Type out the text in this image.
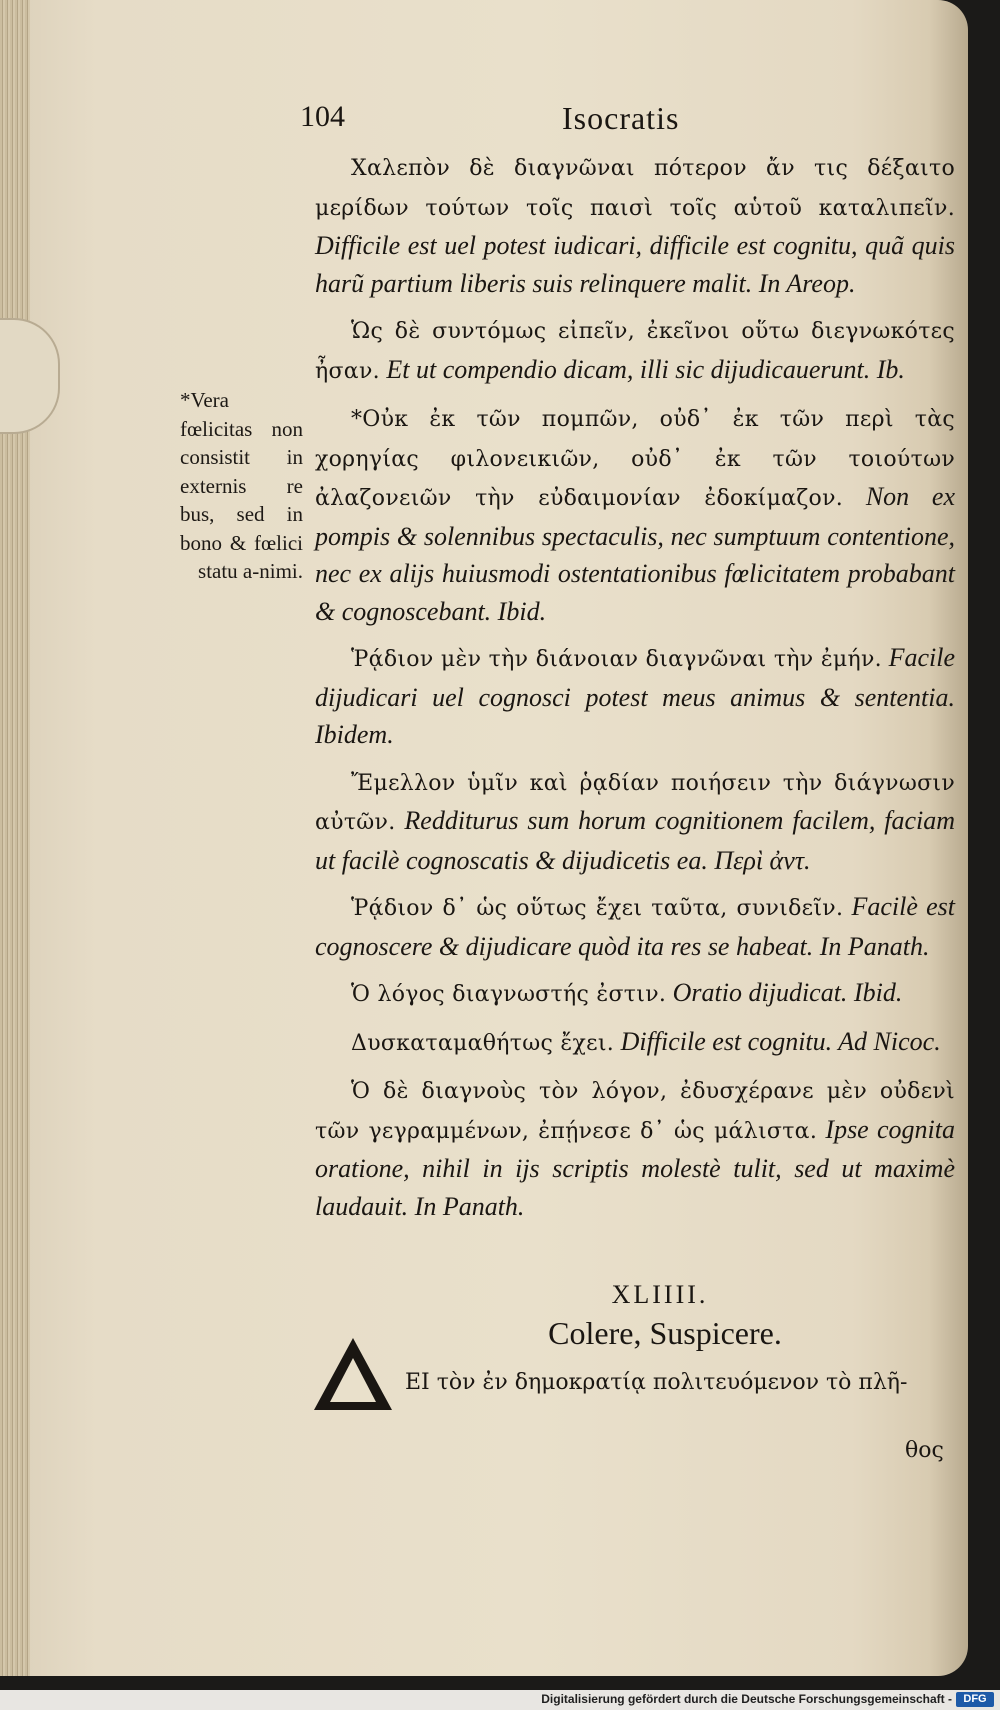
104	Isocratis
*Vera fœlicitas non consistit in externis re bus, sed in bono & fœlici statu a-nimi.

Χαλεπὸν δὲ διαγνῶναι πότερον ἄν τις δέξαιτο μερίδων τούτων τοῖς παισὶ τοῖς αὑτοῦ καταλιπεῖν. Difficile est uel potest iudicari, difficile est cognitu, quã quis harũ partium liberis suis relinquere malit. In Areop.

Ὡς δὲ συντόμως εἰπεῖν, ἐκεῖνοι οὕτω διεγνωκότες ἦσαν. Et ut compendio dicam, illi sic dijudicauerunt. Ib.

*Οὐκ ἐκ τῶν πομπῶν, οὐδ᾽ ἐκ τῶν περὶ τὰς χορηγίας φιλονεικιῶν, οὐδ᾽ ἐκ τῶν τοιούτων ἀλαζονειῶν τὴν εὐδαιμονίαν ἐδοκίμαζον. Non ex pompis & solennibus spectaculis, nec sumptuum contentione, nec ex alijs huiusmodi ostentationibus fœlicitatem probabant & cognoscebant. Ibid.

Ῥᾴδιον μὲν τὴν διάνοιαν διαγνῶναι τὴν ἐμήν. Facile dijudicari uel cognosci potest meus animus & sententia. Ibidem.

Ἔμελλον ὑμῖν καὶ ῥᾳδίαν ποιήσειν τὴν διάγνωσιν αὐτῶν. Redditurus sum horum cognitionem facilem, faciam ut facilè cognoscatis & dijudicetis ea. Περὶ ἀντ.

Ῥᾴδιον δ᾽ ὡς οὕτως ἔχει ταῦτα, συνιδεῖν. Facilè est cognoscere & dijudicare quòd ita res se habeat. In Panath.

Ὁ λόγος διαγνωστής ἐστιν. Oratio dijudicat. Ibid.

Δυσκαταμαθήτως ἔχει. Difficile est cognitu. Ad Nicoc.

Ὁ δὲ διαγνοὺς τὸν λόγον, ἐδυσχέρανε μὲν οὐδενὶ τῶν γεγραμμένων, ἐπῄνεσε δ᾽ ὡς μάλιστα. Ipse cognita oratione, nihil in ijs scriptis molestè tulit, sed ut maximè laudauit. In Panath.

XLIIII.
Colere, Suspicere.
ΕΙ τὸν ἐν δημοκρατίᾳ πολιτευόμενον τὸ πλῆ-
θος
Digitalisierung gefördert durch die Deutsche Forschungsgemeinschaft -	DFG
